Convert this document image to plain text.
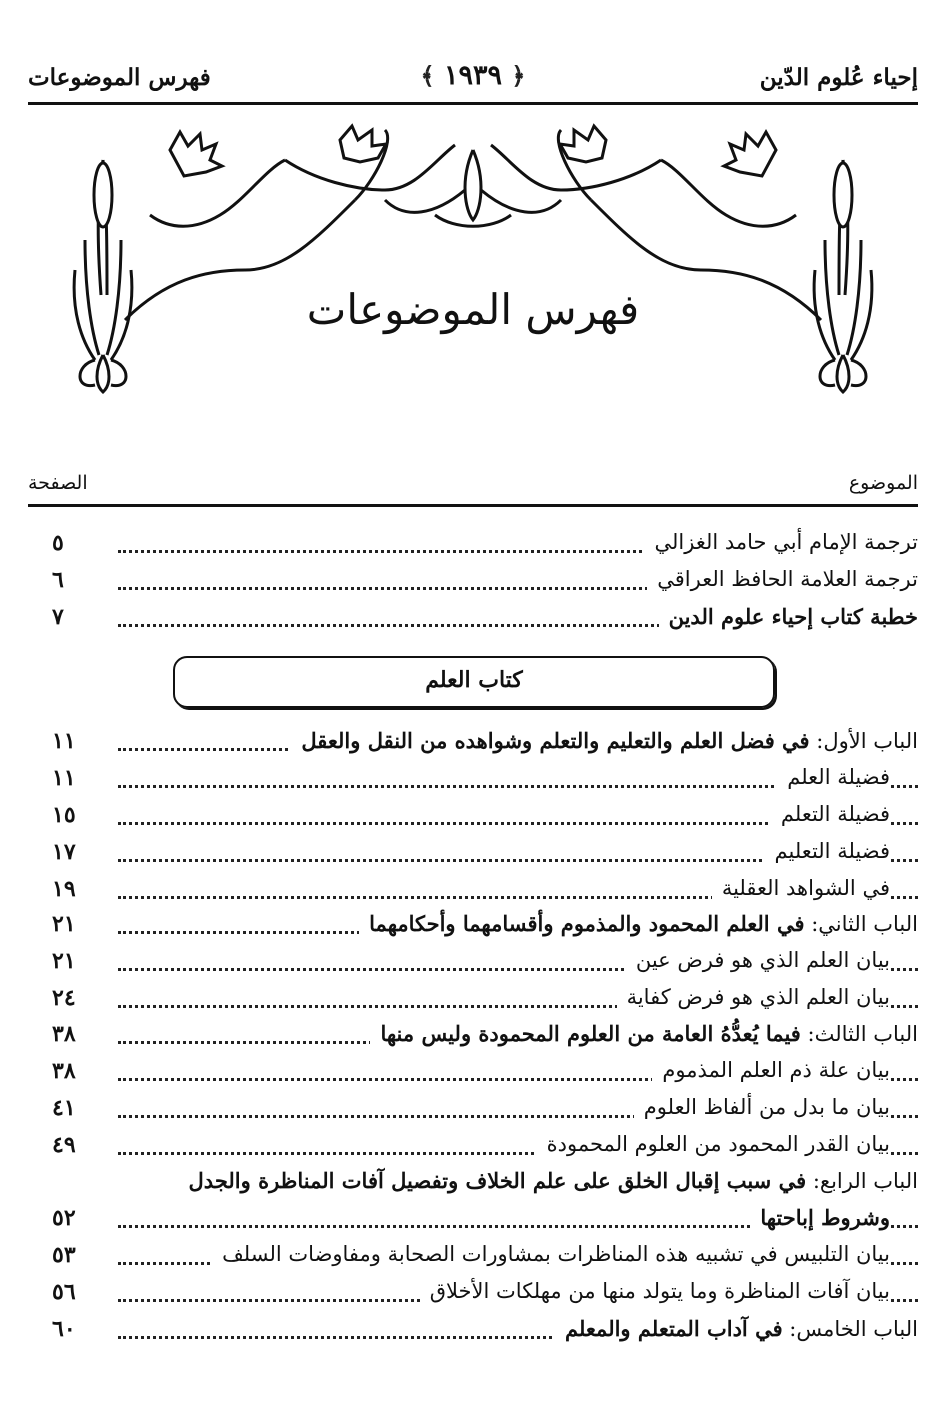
إحياء عُلوم الدّين
﴾ ١٩٣٩ ﴿
فهرس الموضوعات
فهرس الموضوعات
الموضوع
الصفحة
ترجمة الإمام أبي حامد الغزالي
٥
ترجمة العلامة الحافظ العراقي
٦
خطبة كتاب إحياء علوم الدين
٧
كتاب العلم
الباب الأول: في فضل العلم والتعليم والتعلم وشواهده من النقل والعقل
١١
فضيلة العلم
١١
فضيلة التعلم
١٥
فضيلة التعليم
١٧
في الشواهد العقلية
١٩
الباب الثاني: في العلم المحمود والمذموم وأقسامهما وأحكامهما
٢١
بيان العلم الذي هو فرض عين
٢١
بيان العلم الذي هو فرض كفاية
٢٤
الباب الثالث: فيما يُعدُّهُ العامة من العلوم المحمودة وليس منها
٣٨
بيان علة ذم العلم المذموم
٣٨
بيان ما بدل من ألفاظ العلوم
٤١
بيان القدر المحمود من العلوم المحمودة
٤٩
الباب الرابع: في سبب إقبال الخلق على علم الخلاف وتفصيل آفات المناظرة والجدل
وشروط إباحتها
٥٢
بيان التلبيس في تشبيه هذه المناظرات بمشاورات الصحابة ومفاوضات السلف
٥٣
بيان آفات المناظرة وما يتولد منها من مهلكات الأخلاق
٥٦
الباب الخامس: في آداب المتعلم والمعلم
٦٠
